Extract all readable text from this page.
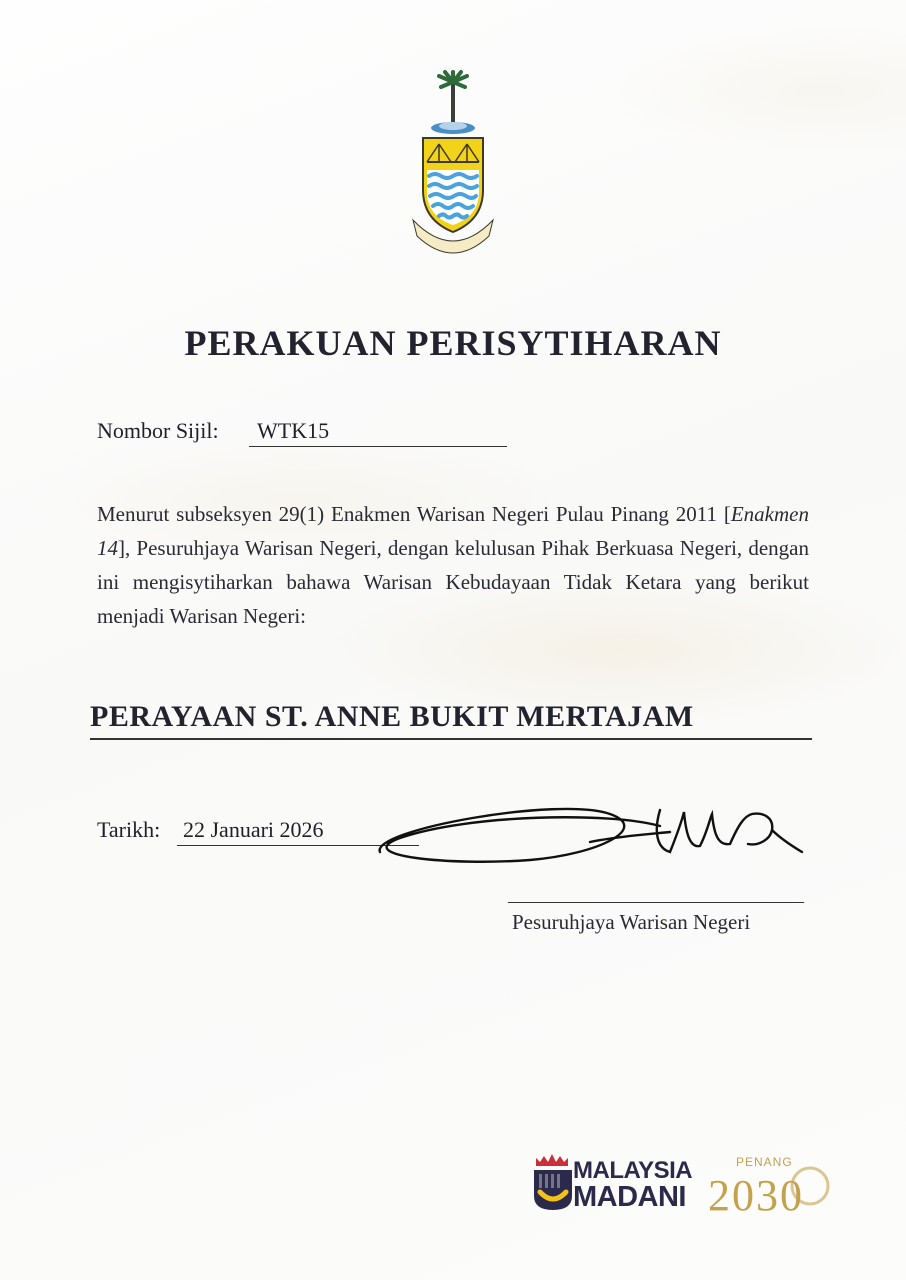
PERAKUAN PERISYTIHARAN
Nombor Sijil:	WTK15
Menurut subseksyen 29(1) Enakmen Warisan Negeri Pulau Pinang 2011 [Enakmen 14], Pesuruhjaya Warisan Negeri, dengan kelulusan Pihak Berkuasa Negeri, dengan ini mengisytiharkan bahawa Warisan Kebudayaan Tidak Ketara yang berikut menjadi Warisan Negeri:
PERAYAAN ST. ANNE BUKIT MERTAJAM
Tarikh: 22 Januari 2026
Pesuruhjaya Warisan Negeri
MALAYSIA
MADANI
PENANG
2030
